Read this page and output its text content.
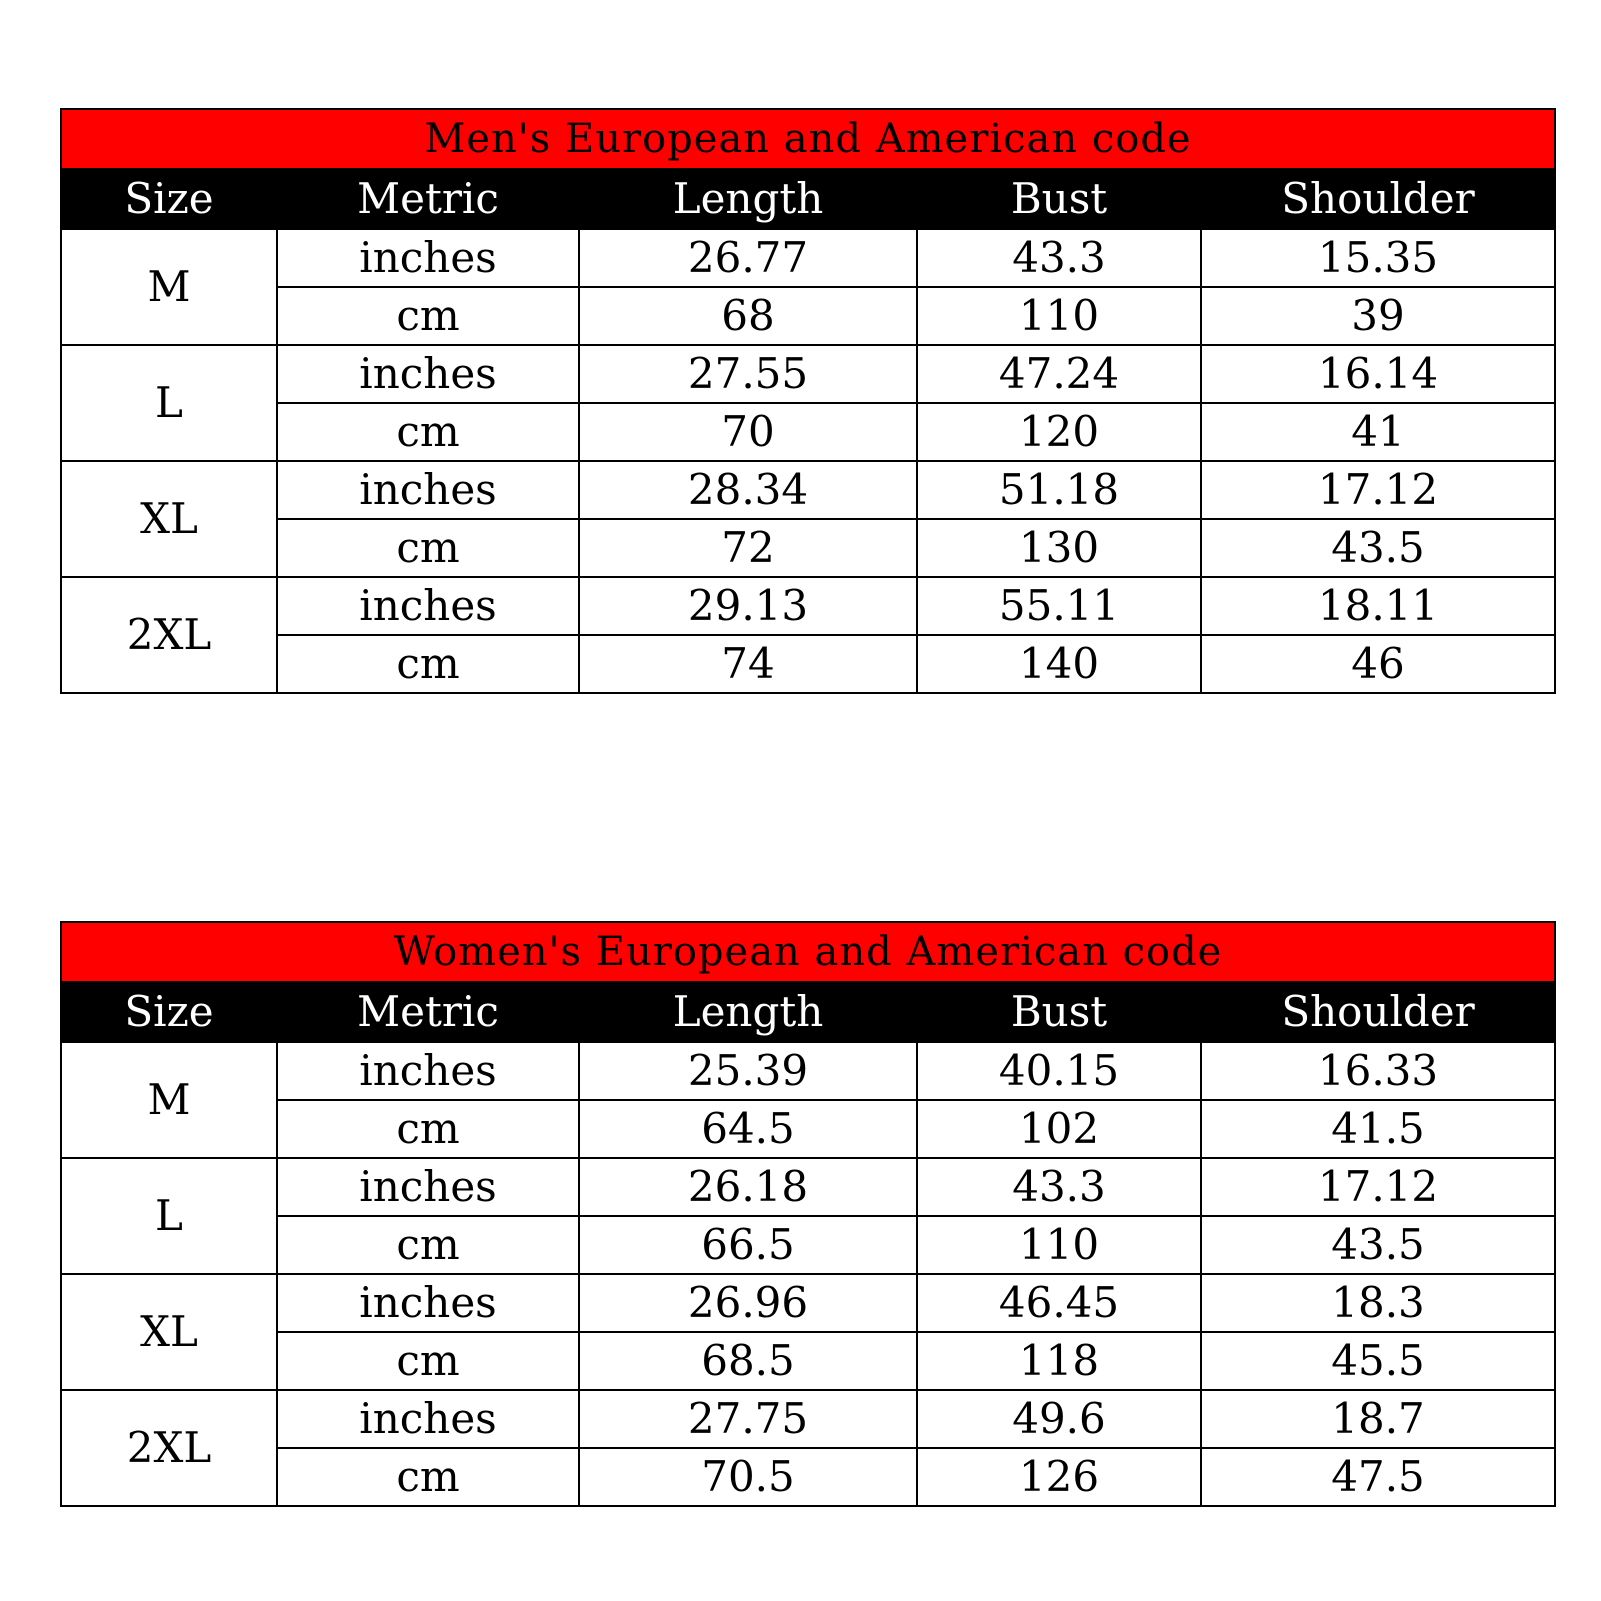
Men's European and American code				
Size	Metric	Length	Bust	Shoulder
M	inches	26.77	43.3	15.35
	cm	68	110	39
L	inches	27.55	47.24	16.14
	cm	70	120	41
XL	inches	28.34	51.18	17.12
	cm	72	130	43.5
2XL	inches	29.13	55.11	18.11
	cm	74	140	46
Women's European and American code				
Size	Metric	Length	Bust	Shoulder
M	inches	25.39	40.15	16.33
	cm	64.5	102	41.5
L	inches	26.18	43.3	17.12
	cm	66.5	110	43.5
XL	inches	26.96	46.45	18.3
	cm	68.5	118	45.5
2XL	inches	27.75	49.6	18.7
	cm	70.5	126	47.5
